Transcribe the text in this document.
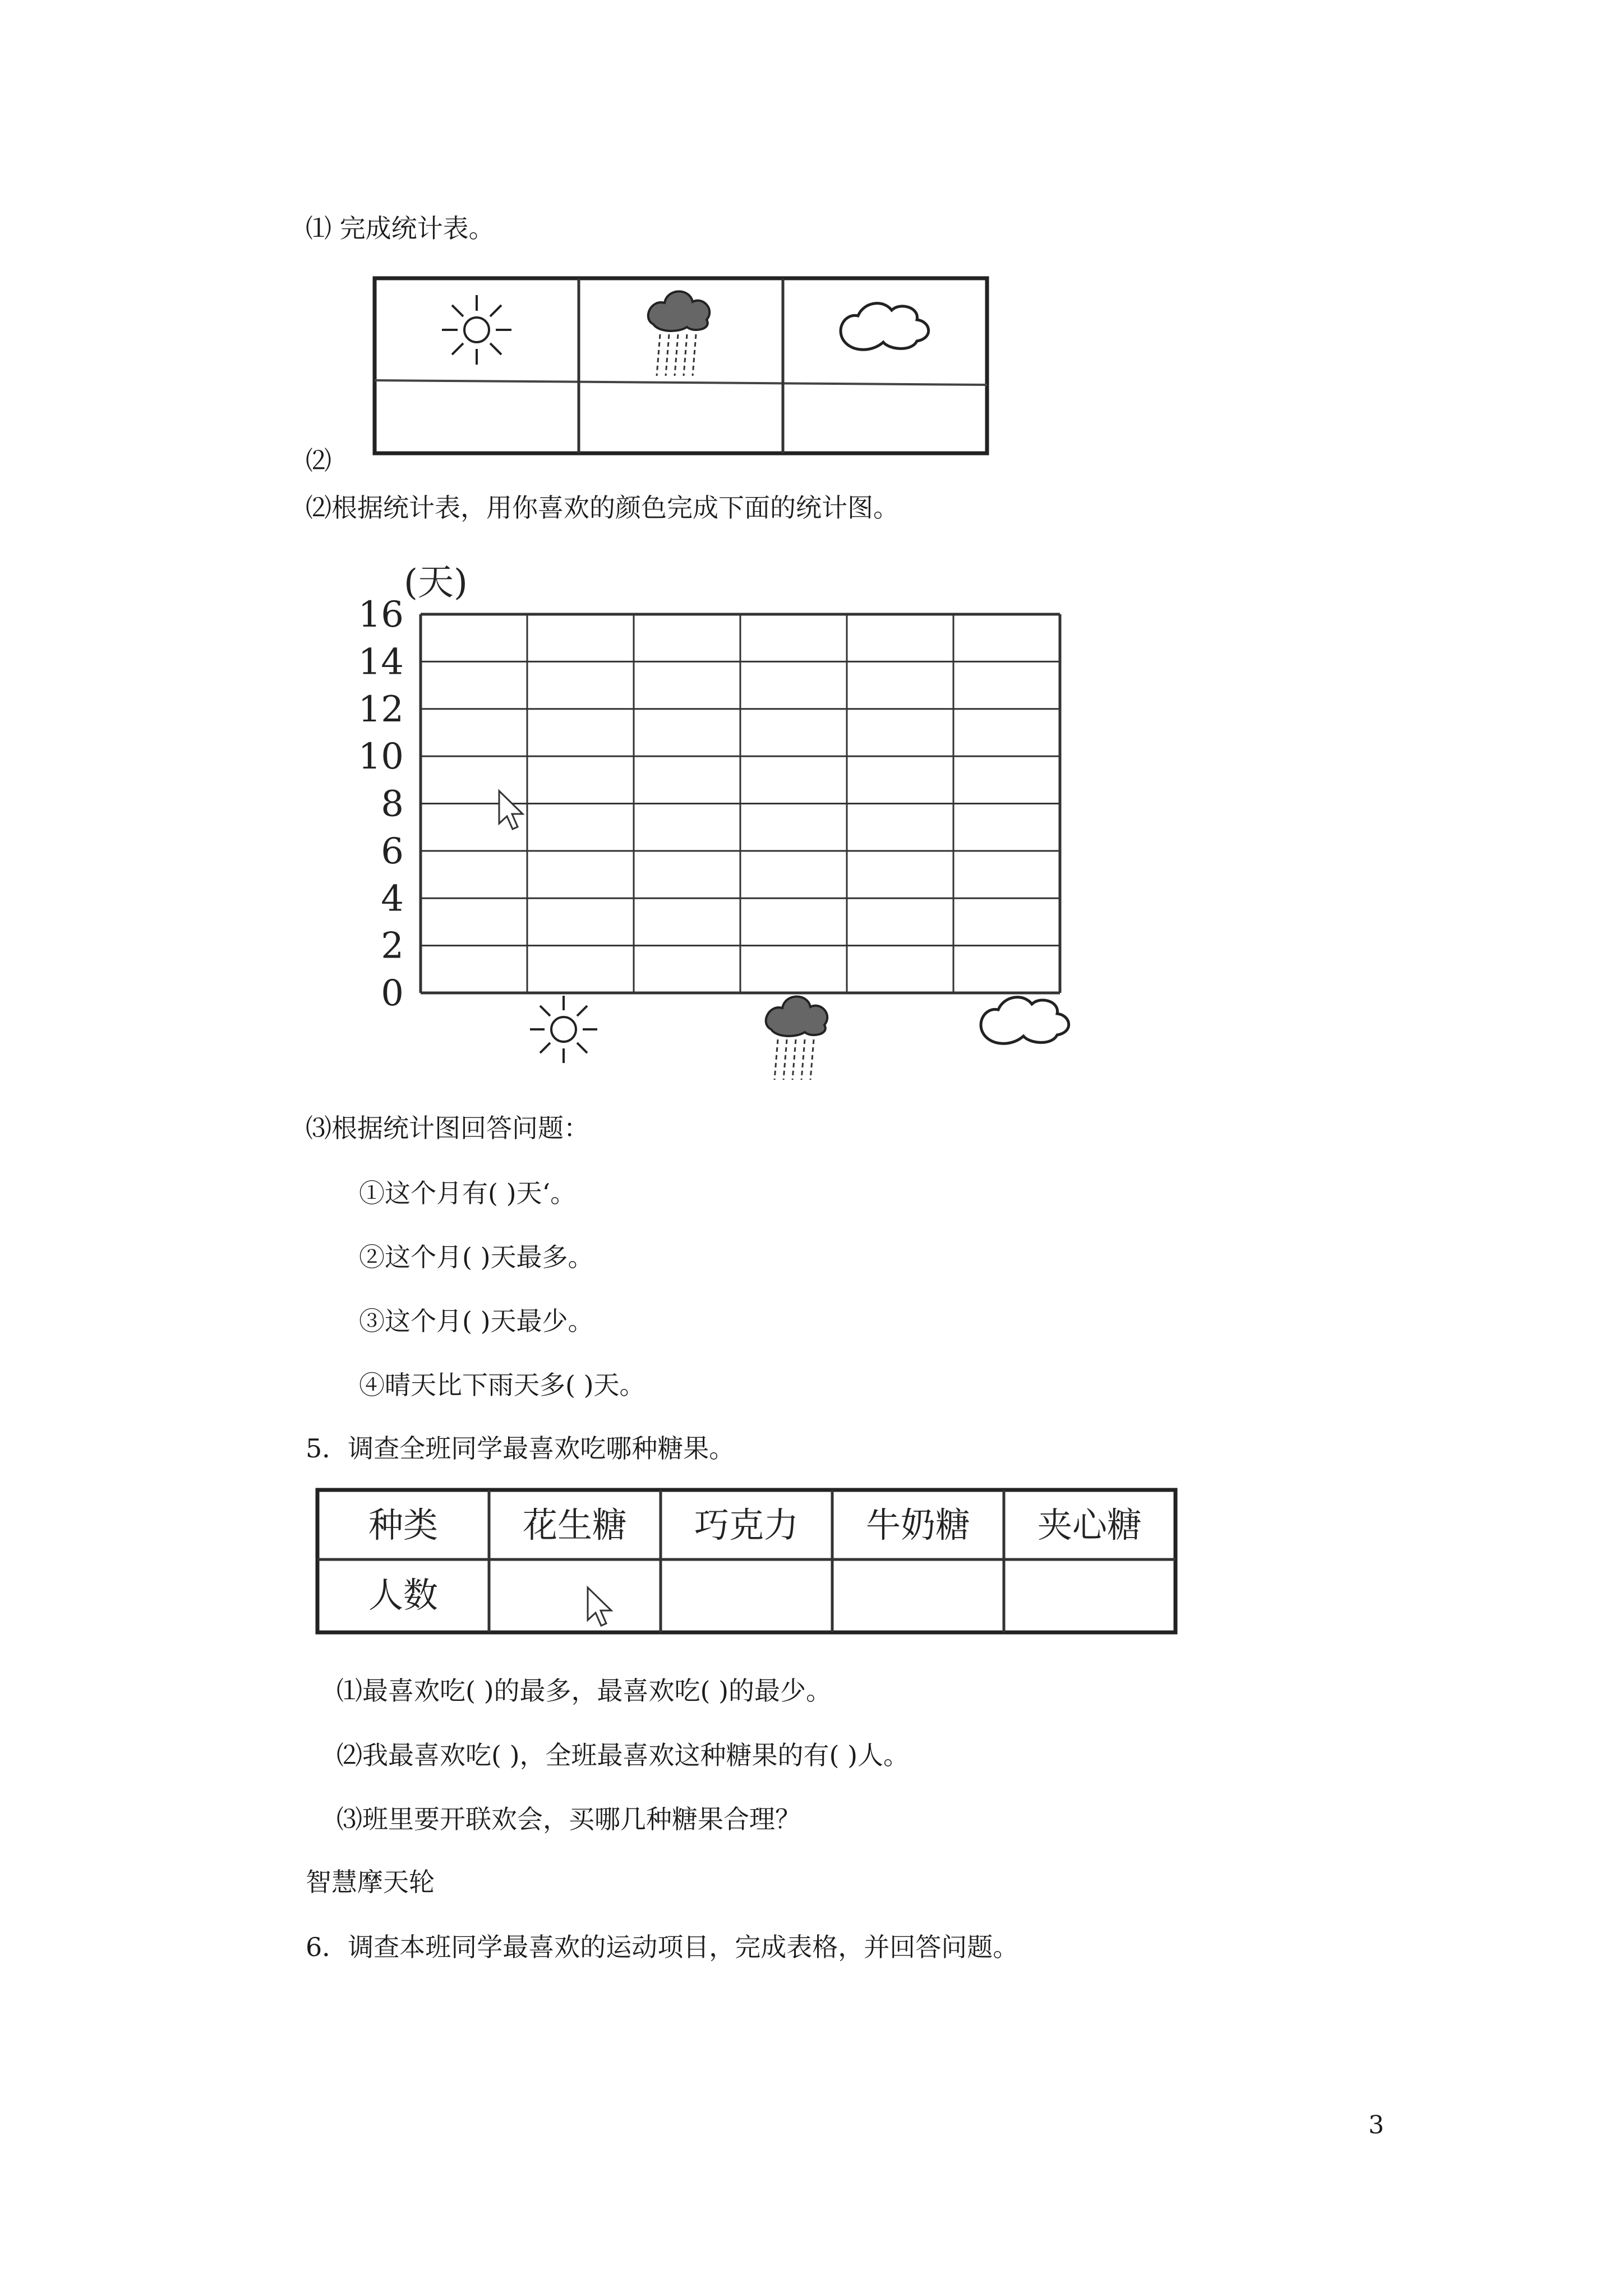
⑴ 完成统计表。
⑵
⑵根据统计表，用你喜欢的颜色完成下面的统计图。
(天)
0
2
4
6
8
10
12
14
16
⑶根据统计图回答问题：
①这个月有( )天‘。
②这个月( )天最多。
③这个月( )天最少。
④晴天比下雨天多( )天。
5．调查全班同学最喜欢吃哪种糖果。
种类 花生糖 巧克力 牛奶糖 夹心糖
人数
⑴最喜欢吃( )的最多，最喜欢吃( )的最少。
⑵我最喜欢吃( )，全班最喜欢这种糖果的有( )人。
⑶班里要开联欢会，买哪几种糖果合理？
智慧摩天轮
6．调查本班同学最喜欢的运动项目，完成表格，并回答问题。
3
